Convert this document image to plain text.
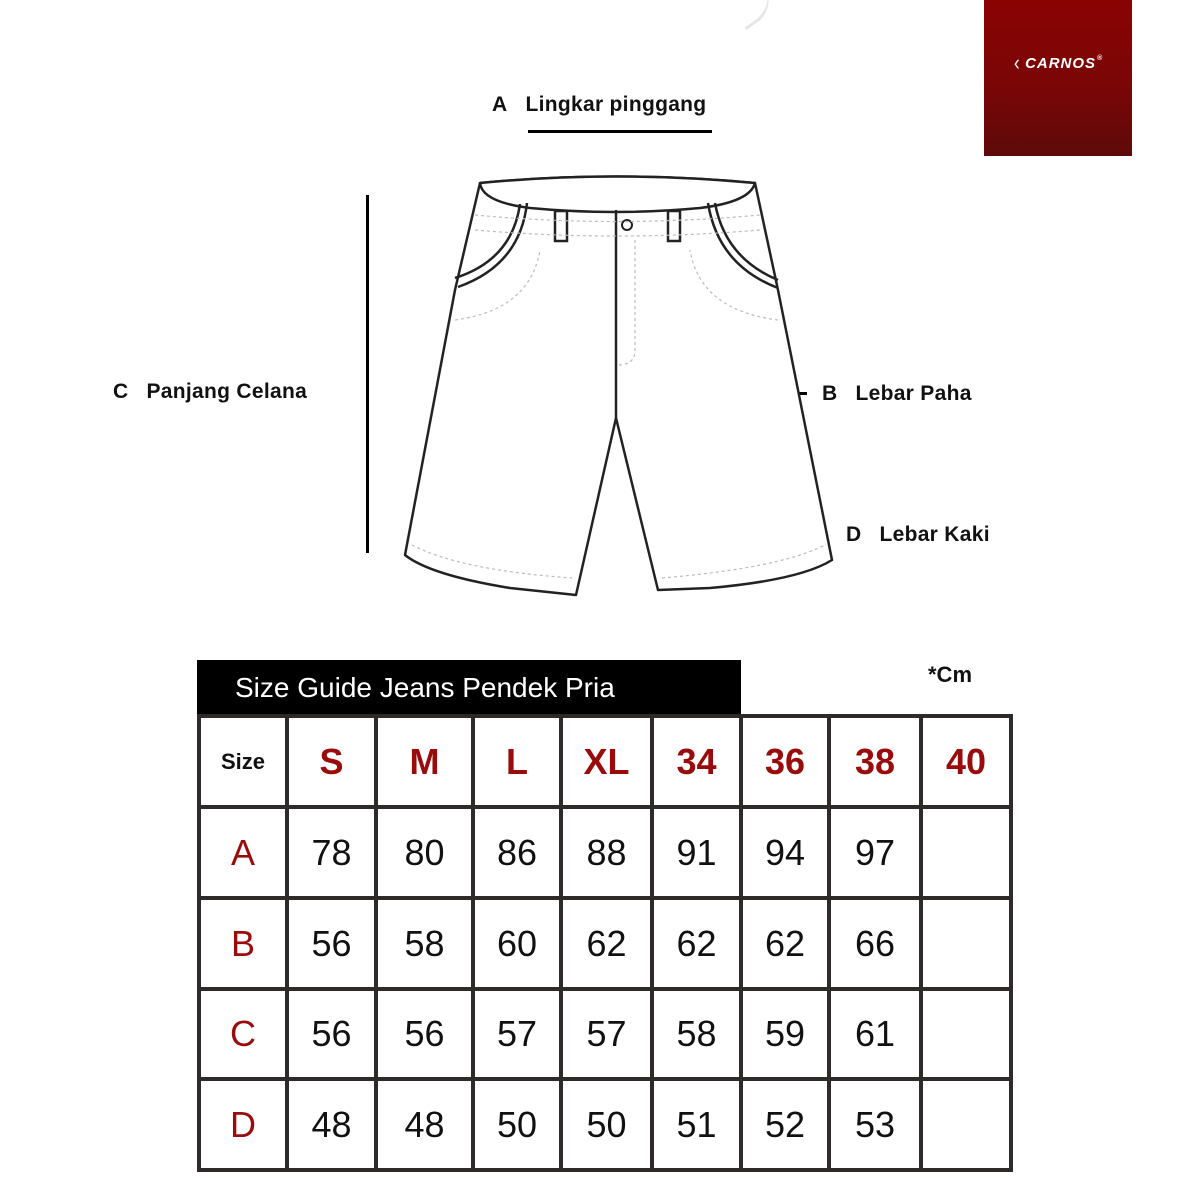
‹ CARNOS ®
A Lingkar pinggang
C Panjang Celana	B Lebar Paha
D Lebar Kaki
Size Guide Jeans Pendek Pria	*Cm
Size	S	M	L	XL	34	36	38	40
A	78	80	86	88	91	94	97	
B	56	58	60	62	62	62	66	
C	56	56	57	57	58	59	61	
D	48	48	50	50	51	52	53	
